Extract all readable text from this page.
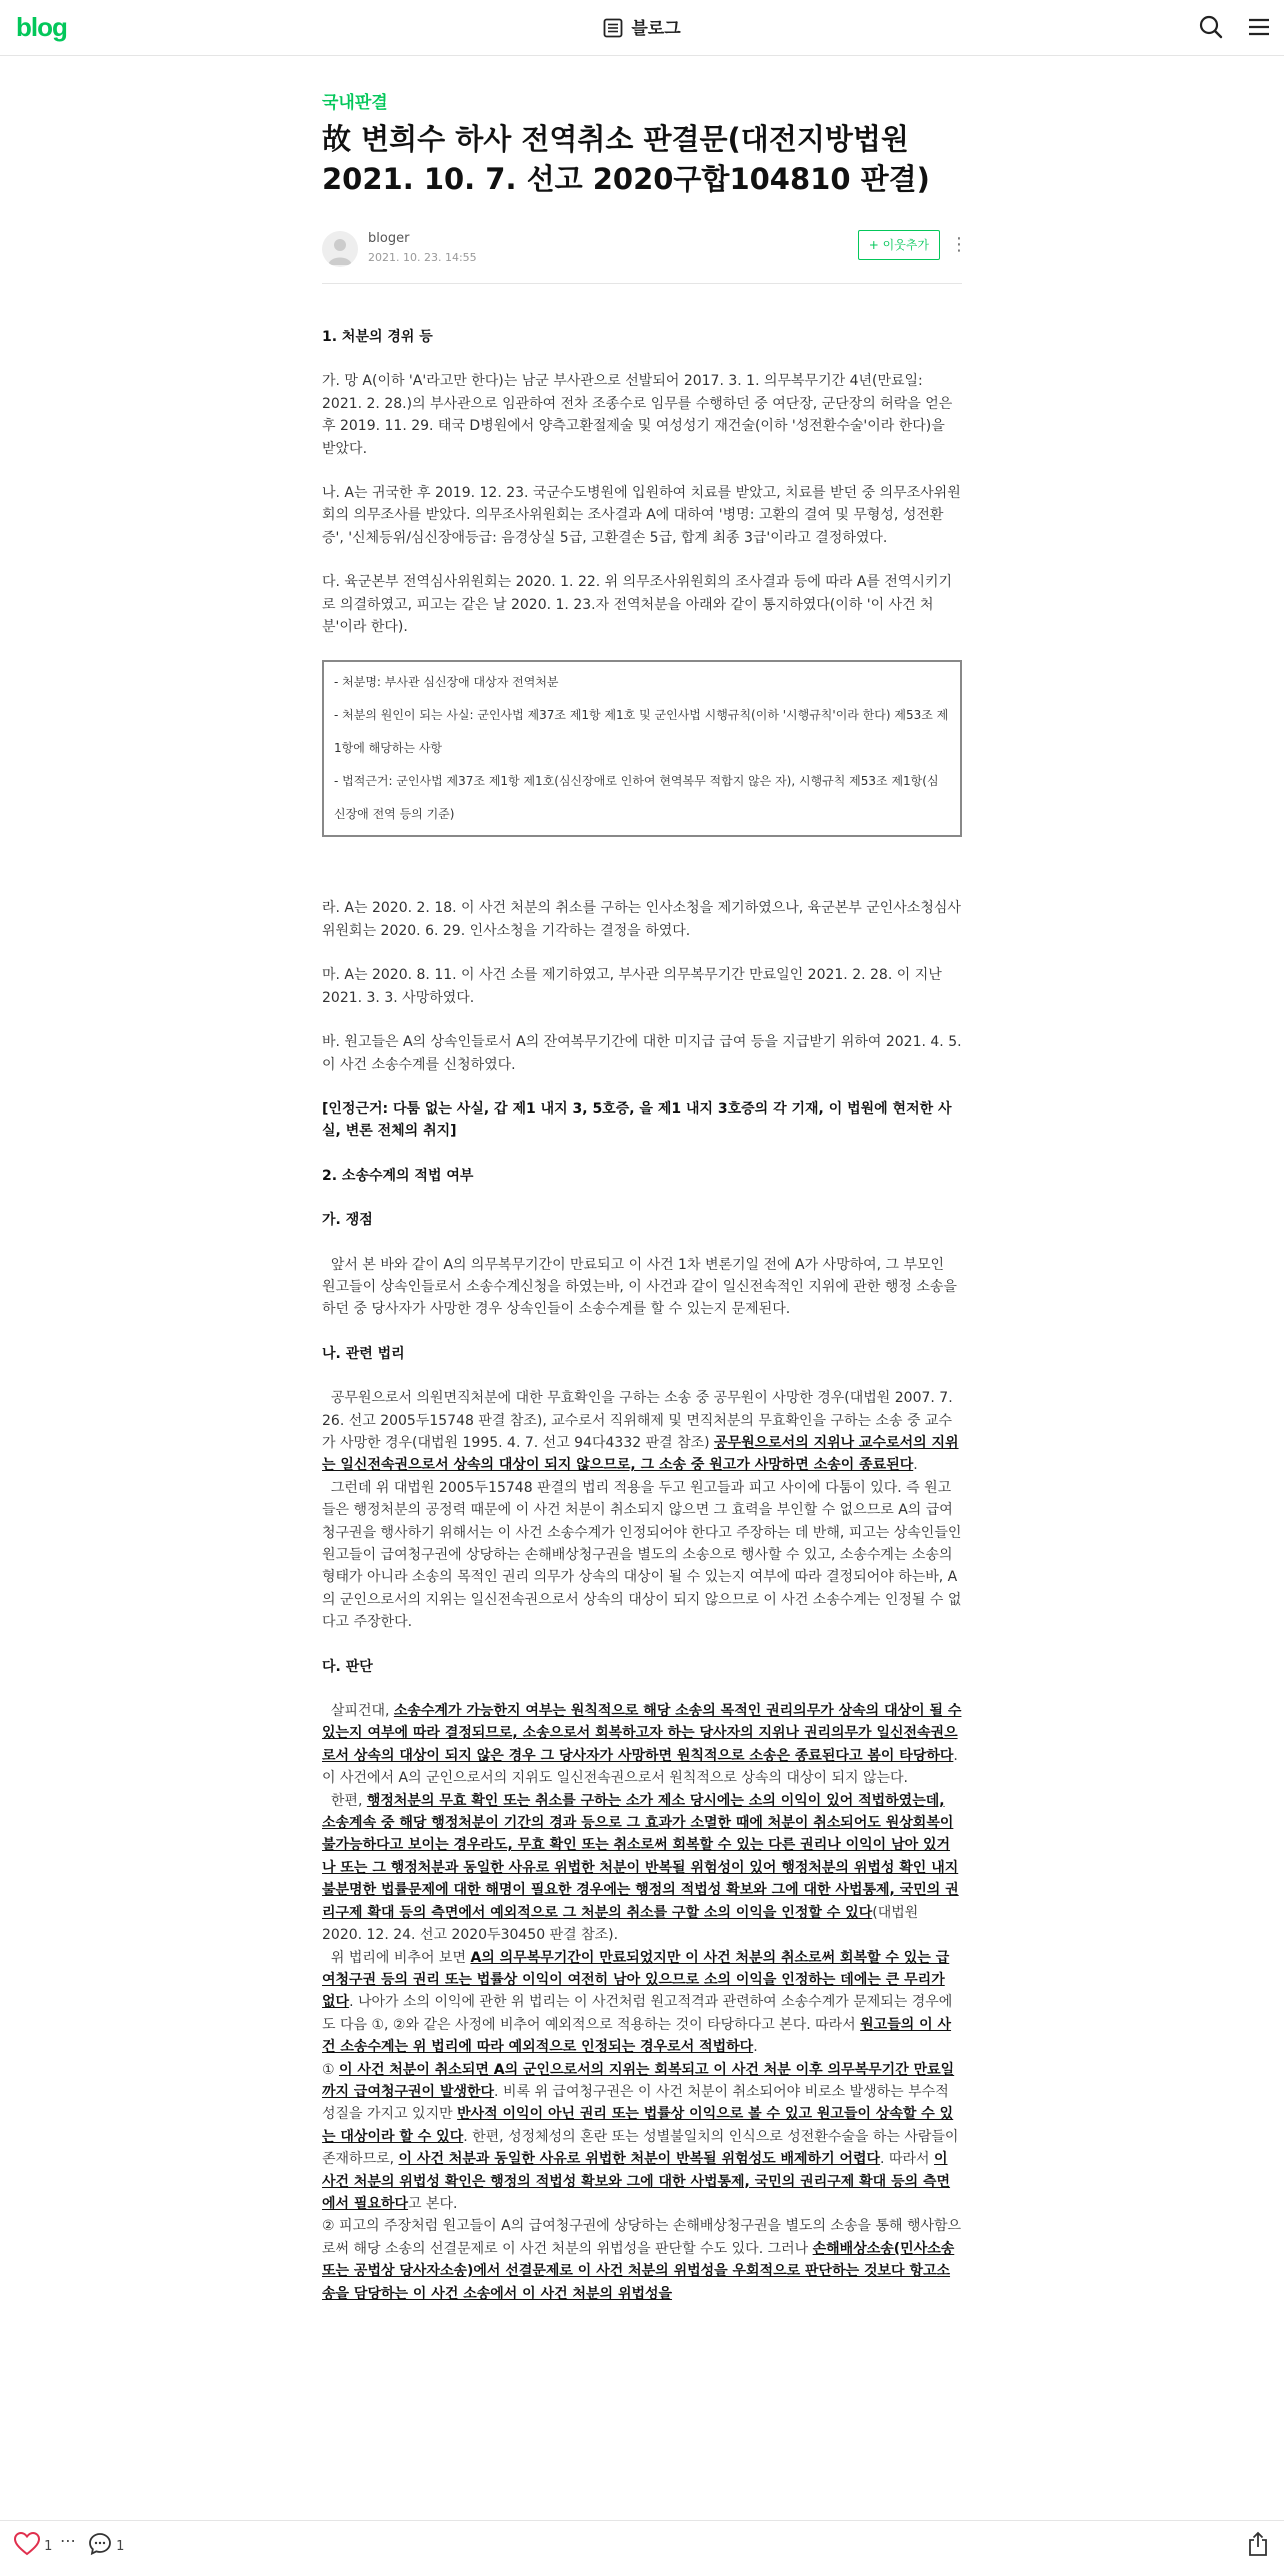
blog	블로그
국내판결
故 변희수 하사 전역취소 판결문(대전지방법원 2021. 10. 7. 선고 2020구합104810 판결)
bloger
2021. 10. 23. 14:55
+ 이웃추가	⋮

1. 처분의 경위 등

가. 망 A(이하 'A'라고만 한다)는 남군 부사관으로 선발되어 2017. 3. 1. 의무복무기간 4년(만료일: 2021. 2. 28.)의 부사관으로 임관하여 전차 조종수로 임무를 수행하던 중 여단장, 군단장의 허락을 얻은 후 2019. 11. 29. 태국 D병원에서 양측고환절제술 및 여성성기 재건술(이하 '성전환수술'이라 한다)을 받았다.

나. A는 귀국한 후 2019. 12. 23. 국군수도병원에 입원하여 치료를 받았고, 치료를 받던 중 의무조사위원회의 의무조사를 받았다. 의무조사위원회는 조사결과 A에 대하여 '병명: 고환의 결여 및 무형성, 성전환증', '신체등위/심신장애등급: 음경상실 5급, 고환결손 5급, 합계 최종 3급'이라고 결정하였다.

다. 육군본부 전역심사위원회는 2020. 1. 22. 위 의무조사위원회의 조사결과 등에 따라 A를 전역시키기로 의결하였고, 피고는 같은 날 2020. 1. 23.자 전역처분을 아래와 같이 통지하였다(이하 '이 사건 처분'이라 한다).

- 처분명: 부사관 심신장애 대상자 전역처분
- 처분의 원인이 되는 사실: 군인사법 제37조 제1항 제1호 및 군인사법 시행규칙(이하 '시행규칙'이라 한다) 제53조 제1항에 해당하는 사항
- 법적근거: 군인사법 제37조 제1항 제1호(심신장애로 인하여 현역복무 적합지 않은 자), 시행규칙 제53조 제1항(심신장애 전역 등의 기준)

라. A는 2020. 2. 18. 이 사건 처분의 취소를 구하는 인사소청을 제기하였으나, 육군본부 군인사소청심사위원회는 2020. 6. 29. 인사소청을 기각하는 결정을 하였다.

마. A는 2020. 8. 11. 이 사건 소를 제기하였고, 부사관 의무복무기간 만료일인 2021. 2. 28. 이 지난 2021. 3. 3. 사망하였다.

바. 원고들은 A의 상속인들로서 A의 잔여복무기간에 대한 미지급 급여 등을 지급받기 위하여 2021. 4. 5. 이 사건 소송수계를 신청하였다.

[인정근거: 다툼 없는 사실, 갑 제1 내지 3, 5호증, 을 제1 내지 3호증의 각 기재, 이 법원에 현저한 사실, 변론 전체의 취지]

2. 소송수계의 적법 여부

가. 쟁점

앞서 본 바와 같이 A의 의무복무기간이 만료되고 이 사건 1차 변론기일 전에 A가 사망하여, 그 부모인 원고들이 상속인들로서 소송수계신청을 하였는바, 이 사건과 같이 일신전속적인 지위에 관한 행정 소송을 하던 중 당사자가 사망한 경우 상속인들이 소송수계를 할 수 있는지 문제된다.

나. 관련 법리

공무원으로서 의원면직처분에 대한 무효확인을 구하는 소송 중 공무원이 사망한 경우(대법원 2007. 7. 26. 선고 2005두15748 판결 참조), 교수로서 직위해제 및 면직처분의 무효확인을 구하는 소송 중 교수가 사망한 경우(대법원 1995. 4. 7. 선고 94다4332 판결 참조) 공무원으로서의 지위나 교수로서의 지위는 일신전속권으로서 상속의 대상이 되지 않으므로, 그 소송 중 원고가 사망하면 소송이 종료된다.

그런데 위 대법원 2005두15748 판결의 법리 적용을 두고 원고들과 피고 사이에 다툼이 있다. 즉 원고들은 행정처분의 공정력 때문에 이 사건 처분이 취소되지 않으면 그 효력을 부인할 수 없으므로 A의 급여청구권을 행사하기 위해서는 이 사건 소송수계가 인정되어야 한다고 주장하는 데 반해, 피고는 상속인들인 원고들이 급여청구권에 상당하는 손해배상청구권을 별도의 소송으로 행사할 수 있고, 소송수계는 소송의 형태가 아니라 소송의 목적인 권리 의무가 상속의 대상이 될 수 있는지 여부에 따라 결정되어야 하는바, A의 군인으로서의 지위는 일신전속권으로서 상속의 대상이 되지 않으므로 이 사건 소송수계는 인정될 수 없다고 주장한다.

다. 판단

살피건대, 소송수계가 가능한지 여부는 원칙적으로 해당 소송의 목적인 권리의무가 상속의 대상이 될 수 있는지 여부에 따라 결정되므로, 소송으로서 회복하고자 하는 당사자의 지위나 권리의무가 일신전속권으로서 상속의 대상이 되지 않은 경우 그 당사자가 사망하면 원칙적으로 소송은 종료된다고 봄이 타당하다. 이 사건에서 A의 군인으로서의 지위도 일신전속권으로서 원칙적으로 상속의 대상이 되지 않는다.

한편, 행정처분의 무효 확인 또는 취소를 구하는 소가 제소 당시에는 소의 이익이 있어 적법하였는데, 소송계속 중 해당 행정처분이 기간의 경과 등으로 그 효과가 소멸한 때에 처분이 취소되어도 원상회복이 불가능하다고 보이는 경우라도, 무효 확인 또는 취소로써 회복할 수 있는 다른 권리나 이익이 남아 있거나 또는 그 행정처분과 동일한 사유로 위법한 처분이 반복될 위험성이 있어 행정처분의 위법성 확인 내지 불분명한 법률문제에 대한 해명이 필요한 경우에는 행정의 적법성 확보와 그에 대한 사법통제, 국민의 권리구제 확대 등의 측면에서 예외적으로 그 처분의 취소를 구할 소의 이익을 인정할 수 있다(대법원 2020. 12. 24. 선고 2020두30450 판결 참조).

위 법리에 비추어 보면 A의 의무복무기간이 만료되었지만 이 사건 처분의 취소로써 회복할 수 있는 급여청구권 등의 권리 또는 법률상 이익이 여전히 남아 있으므로 소의 이익을 인정하는 데에는 큰 무리가 없다. 나아가 소의 이익에 관한 위 법리는 이 사건처럼 원고적격과 관련하여 소송수계가 문제되는 경우에도 다음 ①, ②와 같은 사정에 비추어 예외적으로 적용하는 것이 타당하다고 본다. 따라서 원고들의 이 사건 소송수계는 위 법리에 따라 예외적으로 인정되는 경우로서 적법하다.

① 이 사건 처분이 취소되면 A의 군인으로서의 지위는 회복되고 이 사건 처분 이후 의무복무기간 만료일까지 급여청구권이 발생한다. 비록 위 급여청구권은 이 사건 처분이 취소되어야 비로소 발생하는 부수적 성질을 가지고 있지만 반사적 이익이 아닌 권리 또는 법률상 이익으로 볼 수 있고 원고들이 상속할 수 있는 대상이라 할 수 있다. 한편, 성정체성의 혼란 또는 성별불일치의 인식으로 성전환수술을 하는 사람들이 존재하므로, 이 사건 처분과 동일한 사유로 위법한 처분이 반복될 위험성도 배제하기 어렵다. 따라서 이 사건 처분의 위법성 확인은 행정의 적법성 확보와 그에 대한 사법통제, 국민의 권리구제 확대 등의 측면에서 필요하다고 본다.

② 피고의 주장처럼 원고들이 A의 급여청구권에 상당하는 손해배상청구권을 별도의 소송을 통해 행사함으로써 해당 소송의 선결문제로 이 사건 처분의 위법성을 판단할 수도 있다. 그러나 손해배상소송(민사소송 또는 공법상 당사자소송)에서 선결문제로 이 사건 처분의 위법성을 우회적으로 판단하는 것보다 항고소송을 담당하는 이 사건 소송에서 이 사건 처분의 위법성을

1 ⋯	1
